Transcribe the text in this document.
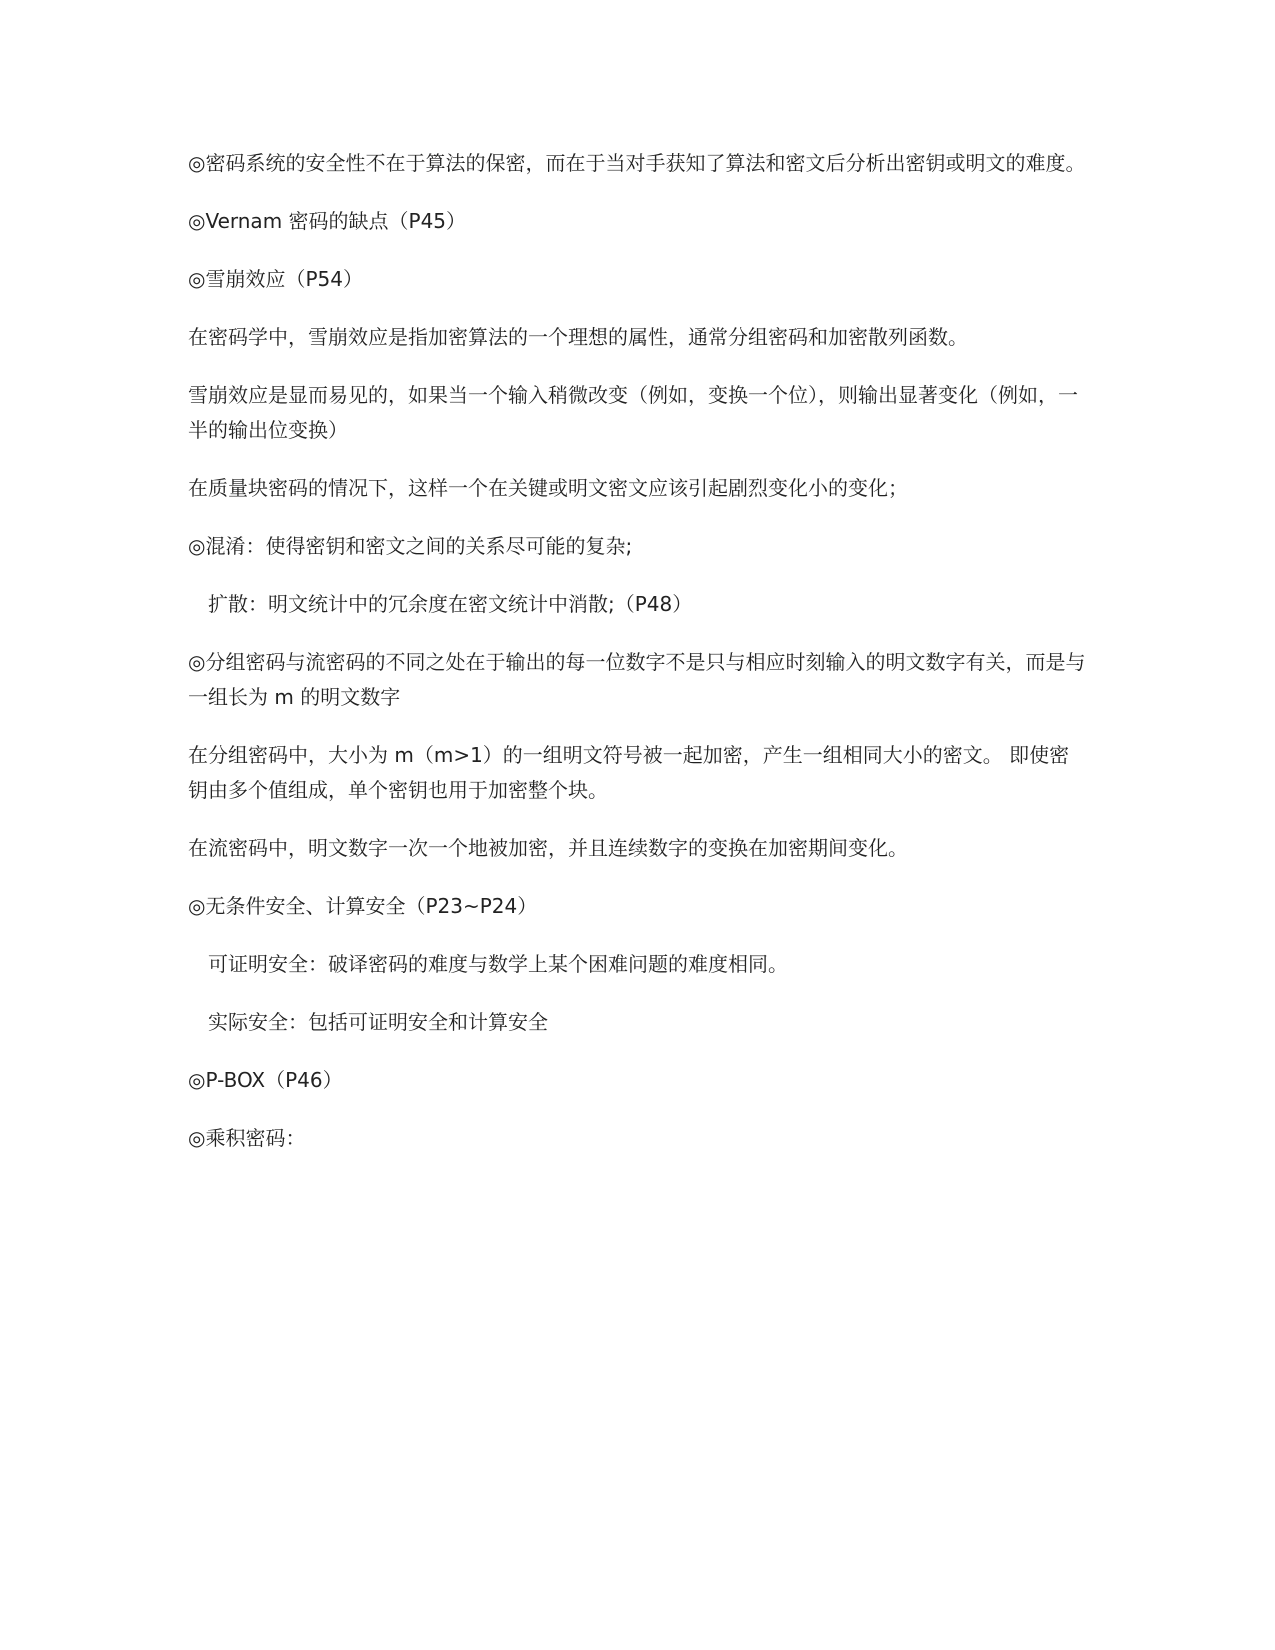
◎密码系统的安全性不在于算法的保密，而在于当对手获知了算法和密文后分析出密钥或明文的难度。

◎Vernam 密码的缺点（P45）

◎雪崩效应（P54）

在密码学中，雪崩效应是指加密算法的一个理想的属性，通常分组密码和加密散列函数。

雪崩效应是显而易见的，如果当一个输入稍微改变（例如，变换一个位），则输出显著变化（例如，一半的输出位变换）

在质量块密码的情况下，这样一个在关键或明文密文应该引起剧烈变化小的变化；

◎混淆：使得密钥和密文之间的关系尽可能的复杂;

扩散：明文统计中的冗余度在密文统计中消散;（P48）

◎分组密码与流密码的不同之处在于输出的每一位数字不是只与相应时刻输入的明文数字有关，而是与一组长为 m 的明文数字

在分组密码中，大小为 m（m>1）的一组明文符号被一起加密，产生一组相同大小的密文。 即使密钥由多个值组成，单个密钥也用于加密整个块。

在流密码中，明文数字一次一个地被加密，并且连续数字的变换在加密期间变化。

◎无条件安全、计算安全（P23~P24）

可证明安全：破译密码的难度与数学上某个困难问题的难度相同。

实际安全：包括可证明安全和计算安全

◎P-BOX（P46）

◎乘积密码：
